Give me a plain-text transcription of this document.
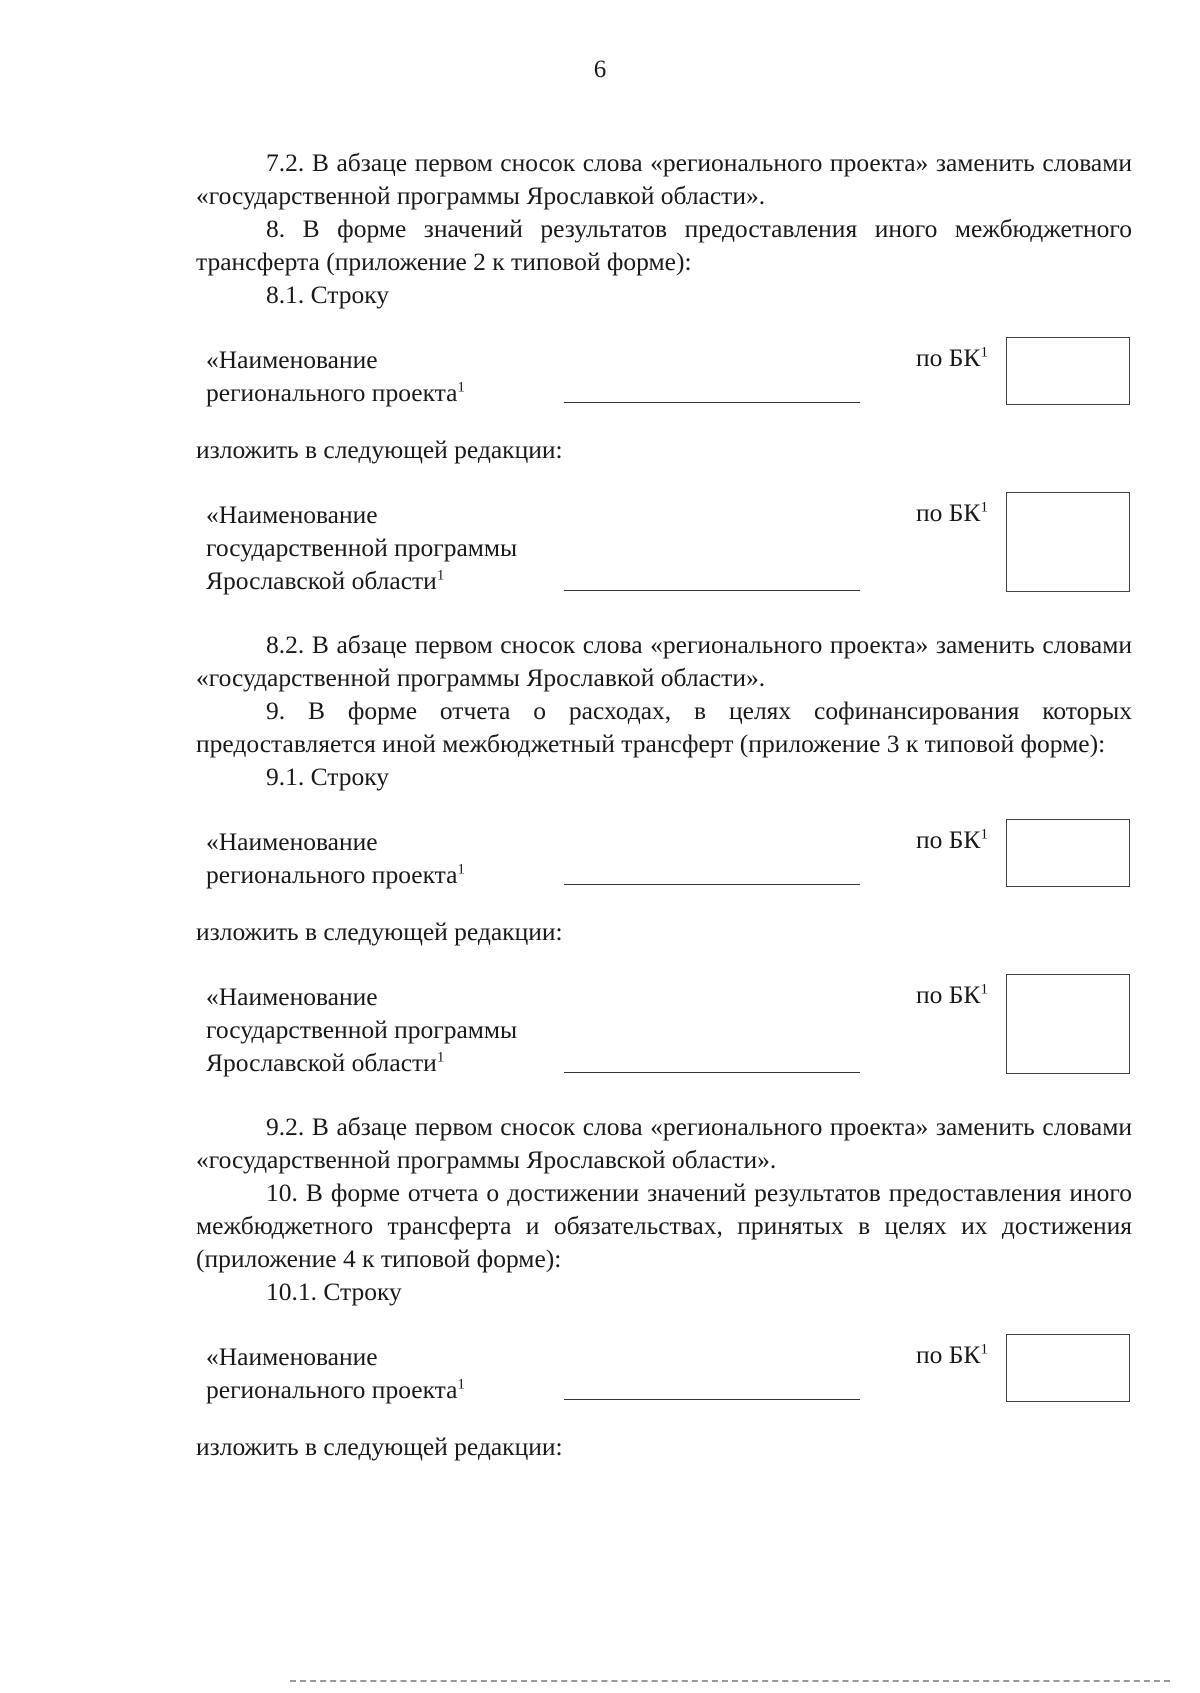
6

7.2. В абзаце первом сносок слова «регионального проекта» заменить словами «государственной программы Ярославкой области».

8. В форме значений результатов предоставления иного межбюджетного трансферта (приложение 2 к типовой форме):

8.1. Строку

«Наименование
регионального проекта$^1$
по $БК^1$

изложить в следующей редакции:

«Наименование
государственной программы
Ярославской области$^1$
по $БК^1$

8.2. В абзаце первом сносок слова «регионального проекта» заменить словами «государственной программы Ярославкой области».

9. В форме отчета о расходах, в целях софинансирования которых предоставляется иной межбюджетный трансферт (приложение 3 к типовой форме):

9.1. Строку

«Наименование
регионального проекта$^1$
по $БК^1$

изложить в следующей редакции:

«Наименование
государственной программы
Ярославской области$^1$
по $БК^1$

9.2. В абзаце первом сносок слова «регионального проекта» заменить словами «государственной программы Ярославской области».

10. В форме отчета о достижении значений результатов предоставления иного межбюджетного трансферта и обязательствах, принятых в целях их достижения (приложение 4 к типовой форме):

10.1. Строку

«Наименование
регионального проекта$^1$
по $БК^1$

изложить в следующей редакции:
